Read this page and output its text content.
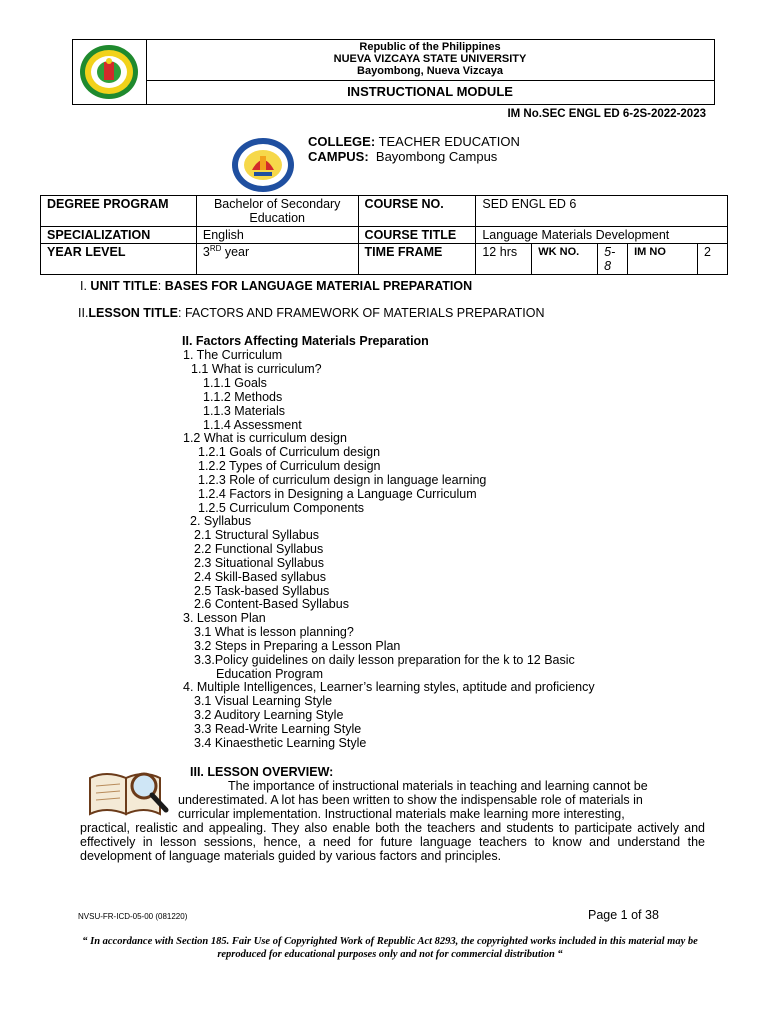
Republic of the Philippines
NUEVA VIZCAYA STATE UNIVERSITY
Bayombong, Nueva Vizcaya
INSTRUCTIONAL MODULE
IM No.SEC ENGL ED 6-2S-2022-2023
COLLEGE: TEACHER EDUCATION
CAMPUS: Bayombong Campus
DEGREE PROGRAM	Bachelor of Secondary Education	COURSE NO.	SED ENGL ED 6				
SPECIALIZATION	English	COURSE TITLE	Language Materials Development				
YEAR LEVEL	3RD year	TIME FRAME	12 hrs	WK NO.	5-8	IM NO	2
I. UNIT TITLE: BASES FOR LANGUAGE MATERIAL PREPARATION
II.LESSON TITLE: FACTORS AND FRAMEWORK OF MATERIALS PREPARATION
II. Factors Affecting Materials Preparation
1. The Curriculum
1.1 What is curriculum?
1.1.1 Goals
1.1.2 Methods
1.1.3 Materials
1.1.4 Assessment
1.2 What is curriculum design
1.2.1 Goals of Curriculum design
1.2.2 Types of Curriculum design
1.2.3 Role of curriculum design in language learning
1.2.4 Factors in Designing a Language Curriculum
1.2.5 Curriculum Components
2. Syllabus
2.1 Structural Syllabus
2.2 Functional Syllabus
2.3 Situational Syllabus
2.4 Skill-Based syllabus
2.5 Task-based Syllabus
2.6 Content-Based Syllabus
3. Lesson Plan
3.1 What is lesson planning?
3.2 Steps in Preparing a Lesson Plan
3.3.Policy guidelines on daily lesson preparation for the k to 12 Basic
Education Program
4. Multiple Intelligences, Learner’s learning styles, aptitude and proficiency
3.1 Visual Learning Style
3.2 Auditory Learning Style
3.3 Read-Write Learning Style
3.4 Kinaesthetic Learning Style
III. LESSON OVERVIEW:
The importance of instructional materials in teaching and learning cannot be
underestimated. A lot has been written to show the indispensable role of materials in
curricular implementation. Instructional materials make learning more interesting,
practical, realistic and appealing. They also enable both the teachers and students to participate actively and effectively in lesson sessions, hence, a need for future language teachers to know and understand the development of language materials guided by various factors and principles.
NVSU-FR-ICD-05-00 (081220)	Page 1 of 38
“ In accordance with Section 185. Fair Use of Copyrighted Work of Republic Act 8293, the copyrighted works included in this material may be reproduced for educational purposes only and not for commercial distribution “
